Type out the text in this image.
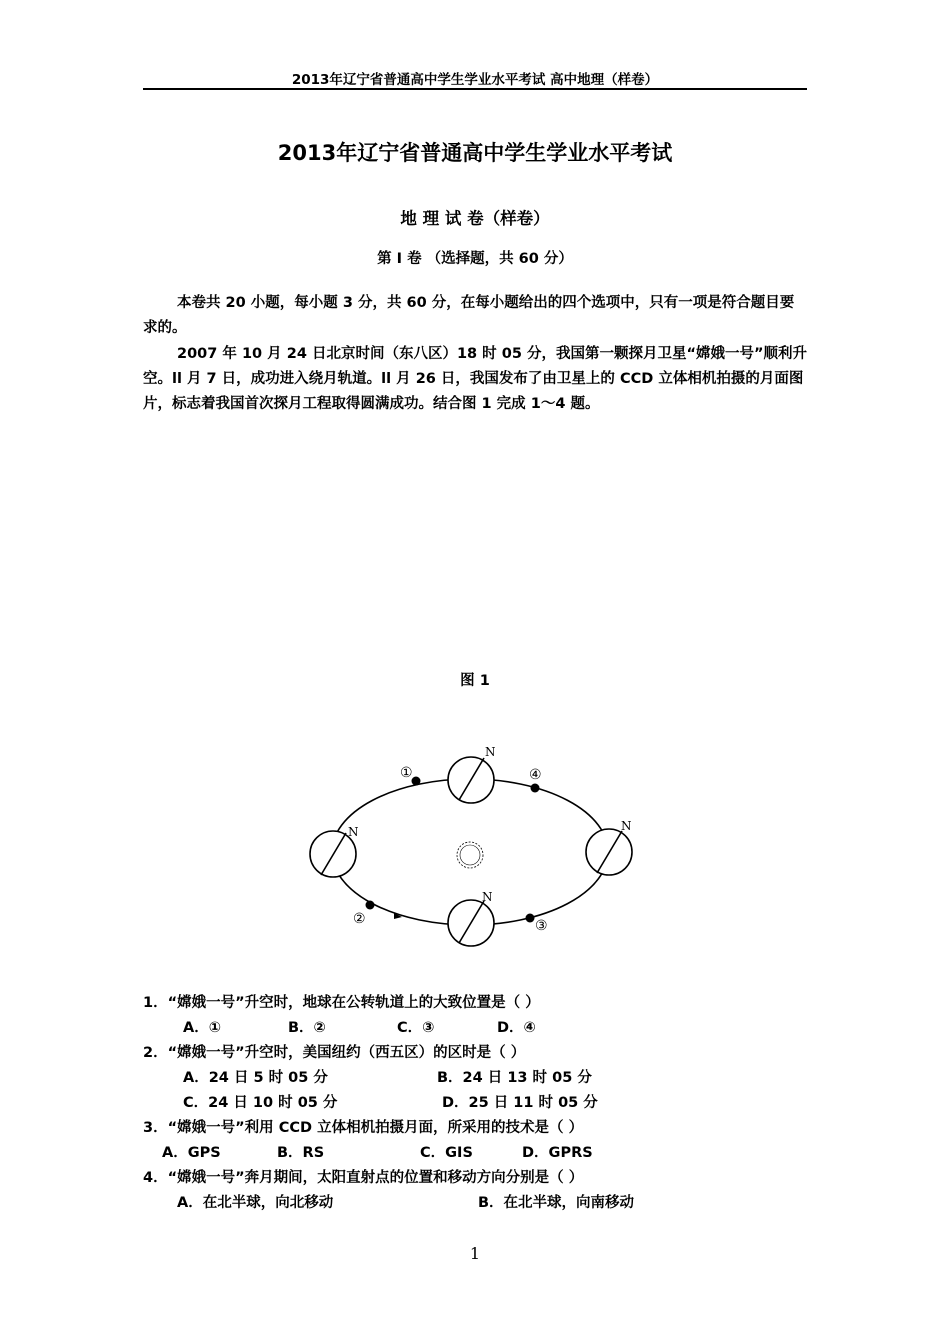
2013年辽宁省普通高中学生学业水平考试 高中地理（样卷）
2013年辽宁省普通高中学生学业水平考试
地 理 试 卷（样卷）
第 I 卷 （选择题，共 60 分）
本卷共 20 小题，每小题 3 分，共 60 分，在每小题给出的四个选项中，只有一项是符合题目要求的。
2007 年 10 月 24 日北京时间（东八区）18 时 05 分，我国第一颗探月卫星“嫦娥一号”顺利升空。ll 月 7 日，成功进入绕月轨道。ll 月 26 日，我国发布了由卫星上的 CCD 立体相机拍摄的月面图片，标志着我国首次探月工程取得圆满成功。结合图 1 完成 1～4 题。
图 1
N
N	N
N
①	④
②	③
1．“嫦娥一号”升空时，地球在公转轨道上的大致位置是（ ）
A．①	B．②	C．③	D．④
2．“嫦娥一号”升空时，美国纽约（西五区）的区时是（ ）
A．24 日 5 时 05 分	B．24 日 13 时 05 分
C．24 日 10 时 05 分	D．25 日 11 时 05 分
3．“嫦娥一号”利用 CCD 立体相机拍摄月面，所采用的技术是（ ）
A．GPS	B．RS	C．GIS	D．GPRS
4．“嫦娥一号”奔月期间，太阳直射点的位置和移动方向分别是（ ）
A．在北半球，向北移动	B．在北半球，向南移动
1
